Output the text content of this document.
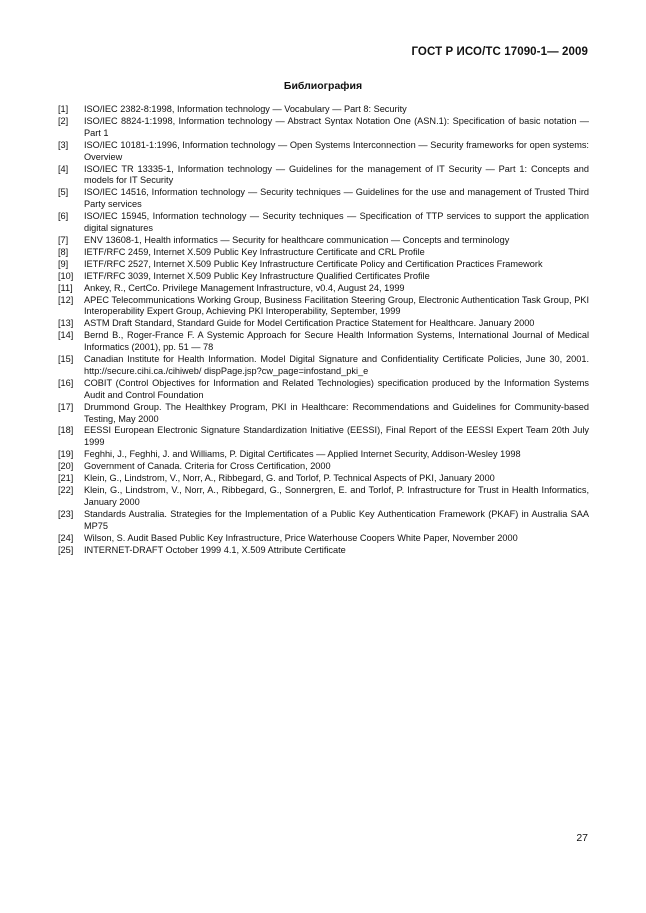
ГОСТ Р ИСО/ТС 17090-1— 2009
Библиография
[1]	ISO/IEC 2382-8:1998, Information technology — Vocabulary — Part 8: Security
[2]	ISO/IEC 8824-1:1998, Information technology — Abstract Syntax Notation One (ASN.1): Specification of basic notation — Part 1
[3]	ISO/IEC 10181-1:1996, Information technology — Open Systems Interconnection — Security frameworks for open systems: Overview
[4]	ISO/IEC TR 13335-1, Information technology — Guidelines for the management of IT Security — Part 1: Concepts and models for IT Security
[5]	ISO/IEC 14516, Information technology — Security techniques — Guidelines for the use and management of Trusted Third Party services
[6]	ISO/IEC 15945, Information technology — Security techniques — Specification of TTP services to support the application digital signatures
[7]	ENV 13608-1, Health informatics — Security for healthcare communication — Concepts and terminology
[8]	IETF/RFC 2459, Internet X.509 Public Key Infrastructure Certificate and CRL Profile
[9]	IETF/RFC 2527, Internet X.509 Public Key Infrastructure Certificate Policy and Certification Practices Framework
[10]	IETF/RFC 3039, Internet X.509 Public Key Infrastructure Qualified Certificates Profile
[11]	Ankey, R., CertCo. Privilege Management Infrastructure, v0.4, August 24, 1999
[12]	APEC Telecommunications Working Group, Business Facilitation Steering Group, Electronic Authentication Task Group, PKI Interoperability Expert Group, Achieving PKI Interoperability, September, 1999
[13]	ASTM Draft Standard, Standard Guide for Model Certification Practice Statement for Healthcare. January 2000
[14]	Bernd B., Roger-France F. A Systemic Approach for Secure Health Information Systems, International Journal of Medical Informatics (2001), pp. 51 — 78
[15]	Canadian Institute for Health Information. Model Digital Signature and Confidentiality Certificate Policies, June 30, 2001. http://secure.cihi.ca./cihiweb/ dispPage.jsp?cw_page=infostand_pki_e
[16]	COBIT (Control Objectives for Information and Related Technologies) specification produced by the Information Systems Audit and Control Foundation
[17]	Drummond Group. The Healthkey Program, PKI in Healthcare: Recommendations and Guidelines for Community-based Testing, May 2000
[18]	EESSI European Electronic Signature Standardization Initiative (EESSI), Final Report of the EESSI Expert Team 20th July 1999
[19]	Feghhi, J., Feghhi, J. and Williams, P. Digital Certificates — Applied Internet Security, Addison-Wesley 1998
[20]	Government of Canada. Criteria for Cross Certification, 2000
[21]	Klein, G., Lindstrom, V., Norr, A., Ribbegard, G. and Torlof, P. Technical Aspects of PKI, January 2000
[22]	Klein, G., Lindstrom, V., Norr, A., Ribbegard, G., Sonnergren, E. and Torlof, P. Infrastructure for Trust in Health Informatics, January 2000
[23]	Standards Australia. Strategies for the Implementation of a Public Key Authentication Framework (PKAF) in Australia SAA MP75
[24]	Wilson, S. Audit Based Public Key Infrastructure, Price Waterhouse Coopers White Paper, November 2000
[25]	INTERNET-DRAFT October 1999 4.1, X.509 Attribute Certificate
27
